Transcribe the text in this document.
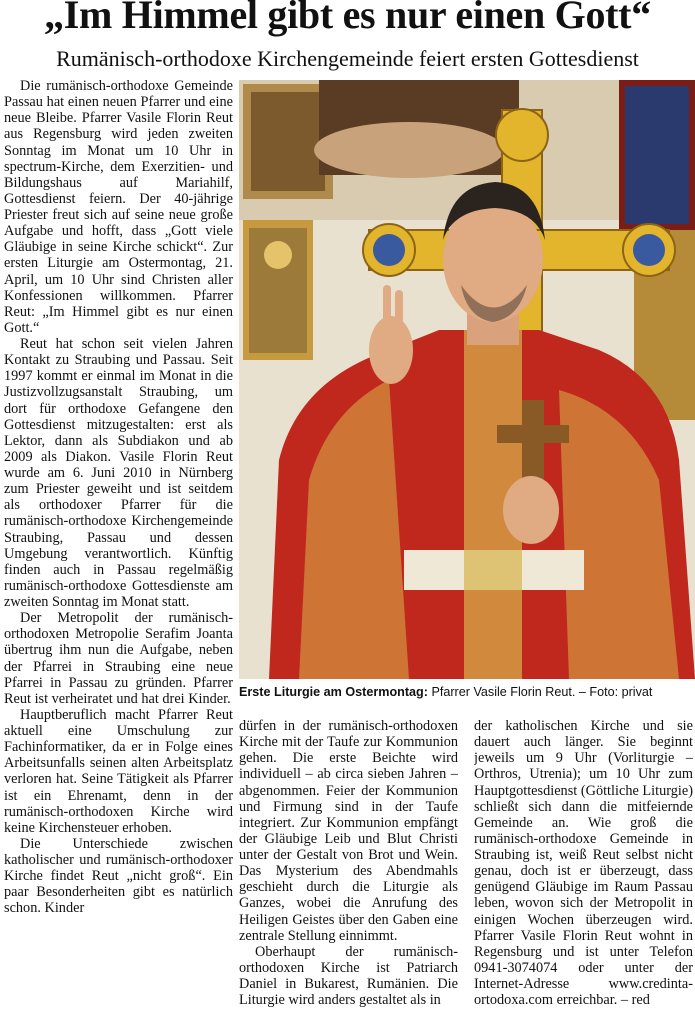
„Im Himmel gibt es nur einen Gott“
Rumänisch-orthodoxe Kirchengemeinde feiert ersten Gottesdienst

Die rumänisch-orthodoxe Gemeinde Passau hat einen neuen Pfarrer und eine neue Bleibe. Pfarrer Vasile Florin Reut aus Regensburg wird jeden zweiten Sonntag im Monat um 10 Uhr in spectrum-Kirche, dem Exerzitien- und Bildungshaus auf Mariahilf, Gottesdienst feiern. Der 40-jährige Priester freut sich auf seine neue große Aufgabe und hofft, dass „Gott viele Gläubige in seine Kirche schickt“. Zur ersten Liturgie am Ostermontag, 21. April, um 10 Uhr sind Christen aller Konfessionen willkommen. Pfarrer Reut: „Im Himmel gibt es nur einen Gott.“

Reut hat schon seit vielen Jahren Kontakt zu Straubing und Passau. Seit 1997 kommt er einmal im Monat in die Justizvollzugsanstalt Straubing, um dort für orthodoxe Gefangene den Gottesdienst mitzugestalten: erst als Lektor, dann als Subdiakon und ab 2009 als Diakon. Vasile Florin Reut wurde am 6. Juni 2010 in Nürnberg zum Priester geweiht und ist seitdem als orthodoxer Pfarrer für die rumänisch-orthodoxe Kirchengemeinde Straubing, Passau und dessen Umgebung verantwortlich. Künftig finden auch in Passau regelmäßig rumänisch-orthodoxe Gottesdienste am zweiten Sonntag im Monat statt.

Der Metropolit der rumänisch-orthodoxen Metropolie Serafim Joanta übertrug ihm nun die Aufgabe, neben der Pfarrei in Straubing eine neue Pfarrei in Passau zu gründen. Pfarrer Reut ist verheiratet und hat drei Kinder.

Hauptberuflich macht Pfarrer Reut aktuell eine Umschulung zur Fachinformatiker, da er in Folge eines Arbeitsunfalls seinen alten Arbeitsplatz verloren hat. Seine Tätigkeit als Pfarrer ist ein Ehrenamt, denn in der rumänisch-orthodoxen Kirche wird keine Kirchensteuer erhoben.

Die Unterschiede zwischen katholischer und rumänisch-orthodoxer Kirche findet Reut „nicht groß“. Ein paar Besonderheiten gibt es natürlich schon. Kinder

Erste Liturgie am Ostermontag: Pfarrer Vasile Florin Reut. – Foto: privat

dürfen in der rumänisch-orthodoxen Kirche mit der Taufe zur Kommunion gehen. Die erste Beichte wird individuell – ab circa sieben Jahren – abgenommen. Feier der Kommunion und Firmung sind in der Taufe integriert. Zur Kommunion empfängt der Gläubige Leib und Blut Christi unter der Gestalt von Brot und Wein. Das Mysterium des Abendmahls geschieht durch die Liturgie als Ganzes, wobei die Anrufung des Heiligen Geistes über den Gaben eine zentrale Stellung einnimmt.

Oberhaupt der rumänisch-orthodoxen Kirche ist Patriarch Daniel in Bukarest, Rumänien. Die Liturgie wird anders gestaltet als in

der katholischen Kirche und sie dauert auch länger. Sie beginnt jeweils um 9 Uhr (Vorliturgie – Orthros, Utrenia); um 10 Uhr zum Hauptgottesdienst (Göttliche Liturgie) schließt sich dann die mitfeiernde Gemeinde an. Wie groß die rumänisch-orthodoxe Gemeinde in Straubing ist, weiß Reut selbst nicht genau, doch ist er überzeugt, dass genügend Gläubige im Raum Passau leben, wovon sich der Metropolit in einigen Wochen überzeugen wird. Pfarrer Vasile Florin Reut wohnt in Regensburg und ist unter Telefon 0941-3074074 oder unter der Internet-Adresse www.credinta-ortodoxa.com erreichbar. – red
